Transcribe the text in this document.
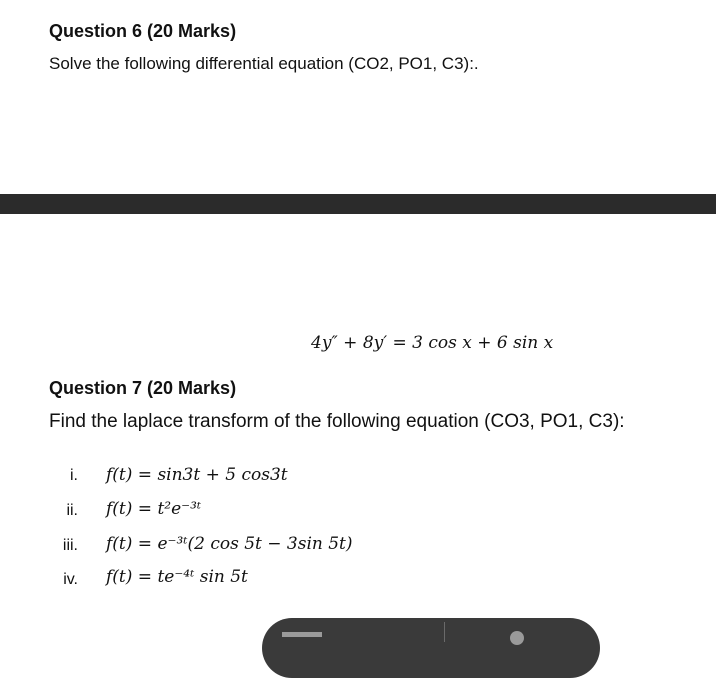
Question 6 (20 Marks)
Solve the following differential equation (CO2, PO1, C3):.
4y″ + 8y′ = 3 cos x + 6 sin x
Question 7 (20 Marks)
Find the laplace transform of the following equation (CO3, PO1, C3):
i. f(t) = sin3t + 5 cos3t
ii. f(t) = t²e⁻³ᵗ
iii. f(t) = e⁻³ᵗ(2 cos 5t − 3sin 5t)
iv. f(t) = te⁻⁴ᵗ sin 5t
